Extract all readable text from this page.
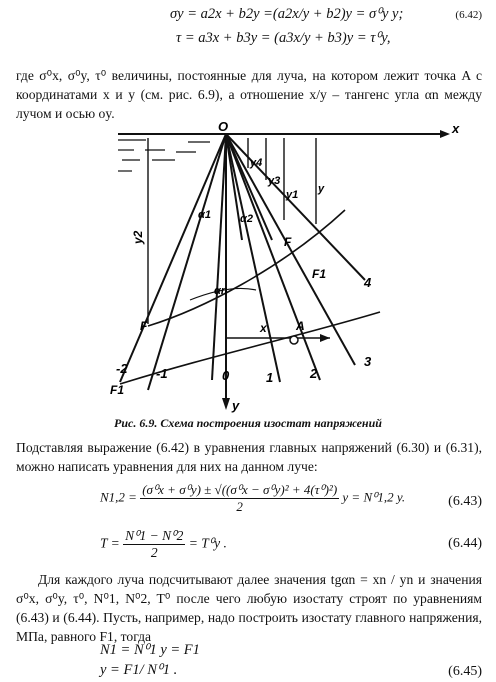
σy = a2x + b2y =(a2x/y + b2)y = σ⁰y y;	(6.42)
τ = a3x + b3y = (a3x/y + b3)y = τ⁰y,
где σ⁰x, σ⁰y, τ⁰ величины, постоянные для луча, на котором лежит точка A с координатами x и y (см. рис. 6.9), а отношение x/y – тангенс угла αn между лучом и осью oy.
x
y
O
-2 -1	0	1	2
3
4
y2
y4
y3
y1 y
F
F
F1
F1
α1	α2
αn
A
x
Рис. 6.9. Схема построения изостат напряжений
Подставляя выражение (6.42) в уравнения главных напряжений (6.30) и (6.31), можно написать уравнения для них на данном луче:
$N1,2 = \frac{\text{(σ⁰x + σ⁰y) ± √((σ⁰x − σ⁰y)² + 4(τ⁰)²)}}{2}$ y = N⁰1,2 y.	(6.43)
$T = \frac{\text{N⁰1 − N⁰2}}{2} = T^0y$ .	(6.44)
Для каждого луча подсчитывают далее значения tgαn = xn / yn и значения σ⁰x, σ⁰y, τ⁰, N⁰1, N⁰2, T⁰ после чего любую изостату строят по уравнениям (6.43) и (6.44). Пусть, например, надо построить изостату главного напряжения, МПа, равного F1, тогда
N1 = N⁰1 y = F1
y = F1/ N⁰1 .	(6.45)
